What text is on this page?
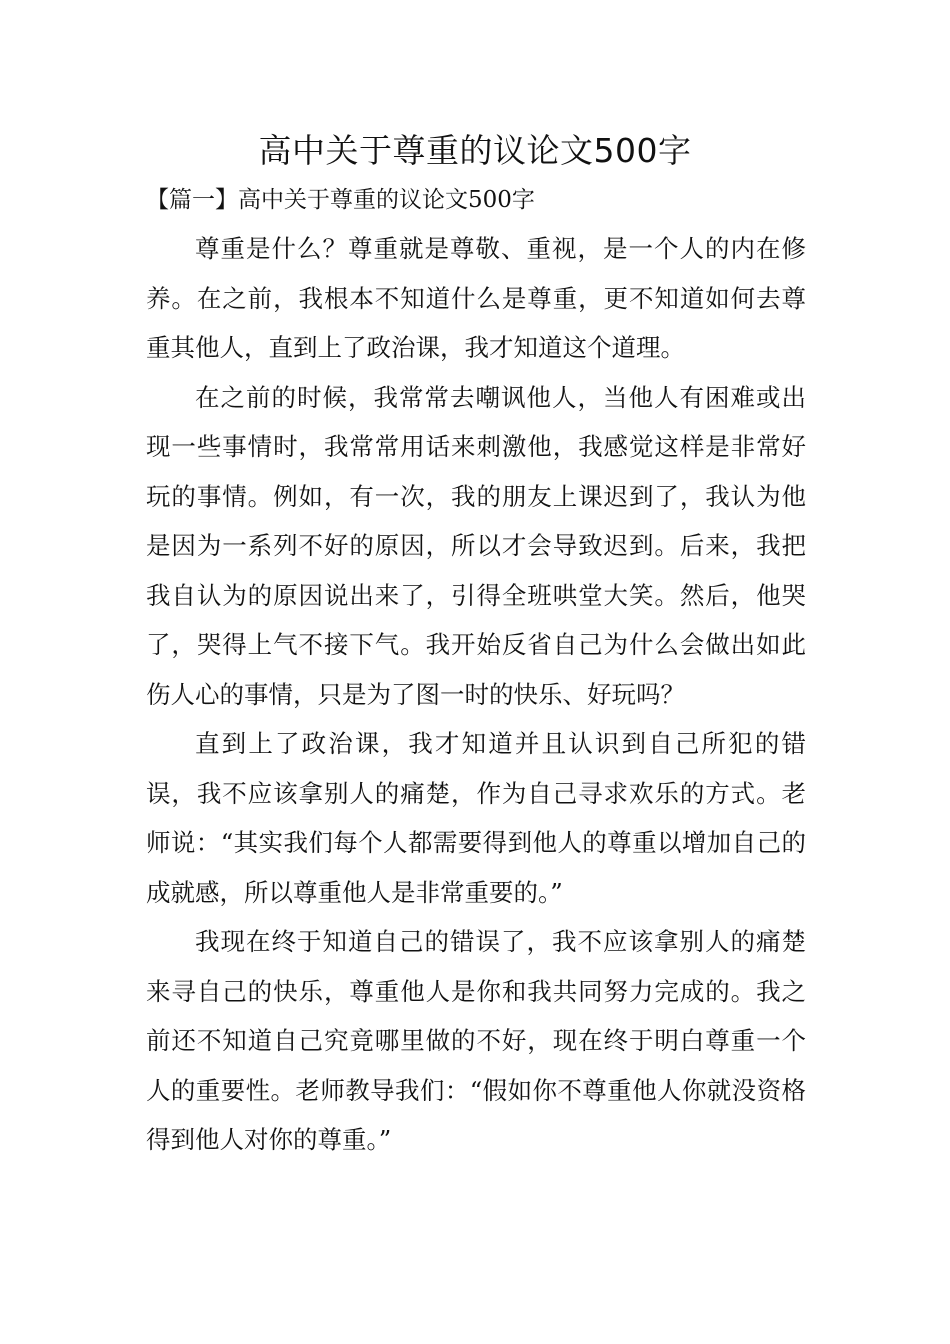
高中关于尊重的议论文500字
【篇一】高中关于尊重的议论文500字

尊重是什么？尊重就是尊敬、重视，是一个人的内在修养。在之前，我根本不知道什么是尊重，更不知道如何去尊重其他人，直到上了政治课，我才知道这个道理。

在之前的时候，我常常去嘲讽他人，当他人有困难或出现一些事情时，我常常用话来刺激他，我感觉这样是非常好玩的事情。例如，有一次，我的朋友上课迟到了，我认为他是因为一系列不好的原因，所以才会导致迟到。后来，我把我自认为的原因说出来了，引得全班哄堂大笑。然后，他哭了，哭得上气不接下气。我开始反省自己为什么会做出如此伤人心的事情，只是为了图一时的快乐、好玩吗？

直到上了政治课，我才知道并且认识到自己所犯的错误，我不应该拿别人的痛楚，作为自己寻求欢乐的方式。老师说：“其实我们每个人都需要得到他人的尊重以增加自己的成就感，所以尊重他人是非常重要的。”

我现在终于知道自己的错误了，我不应该拿别人的痛楚来寻自己的快乐，尊重他人是你和我共同努力完成的。我之前还不知道自己究竟哪里做的不好，现在终于明白尊重一个人的重要性。老师教导我们：“假如你不尊重他人你就没资格得到他人对你的尊重。”
